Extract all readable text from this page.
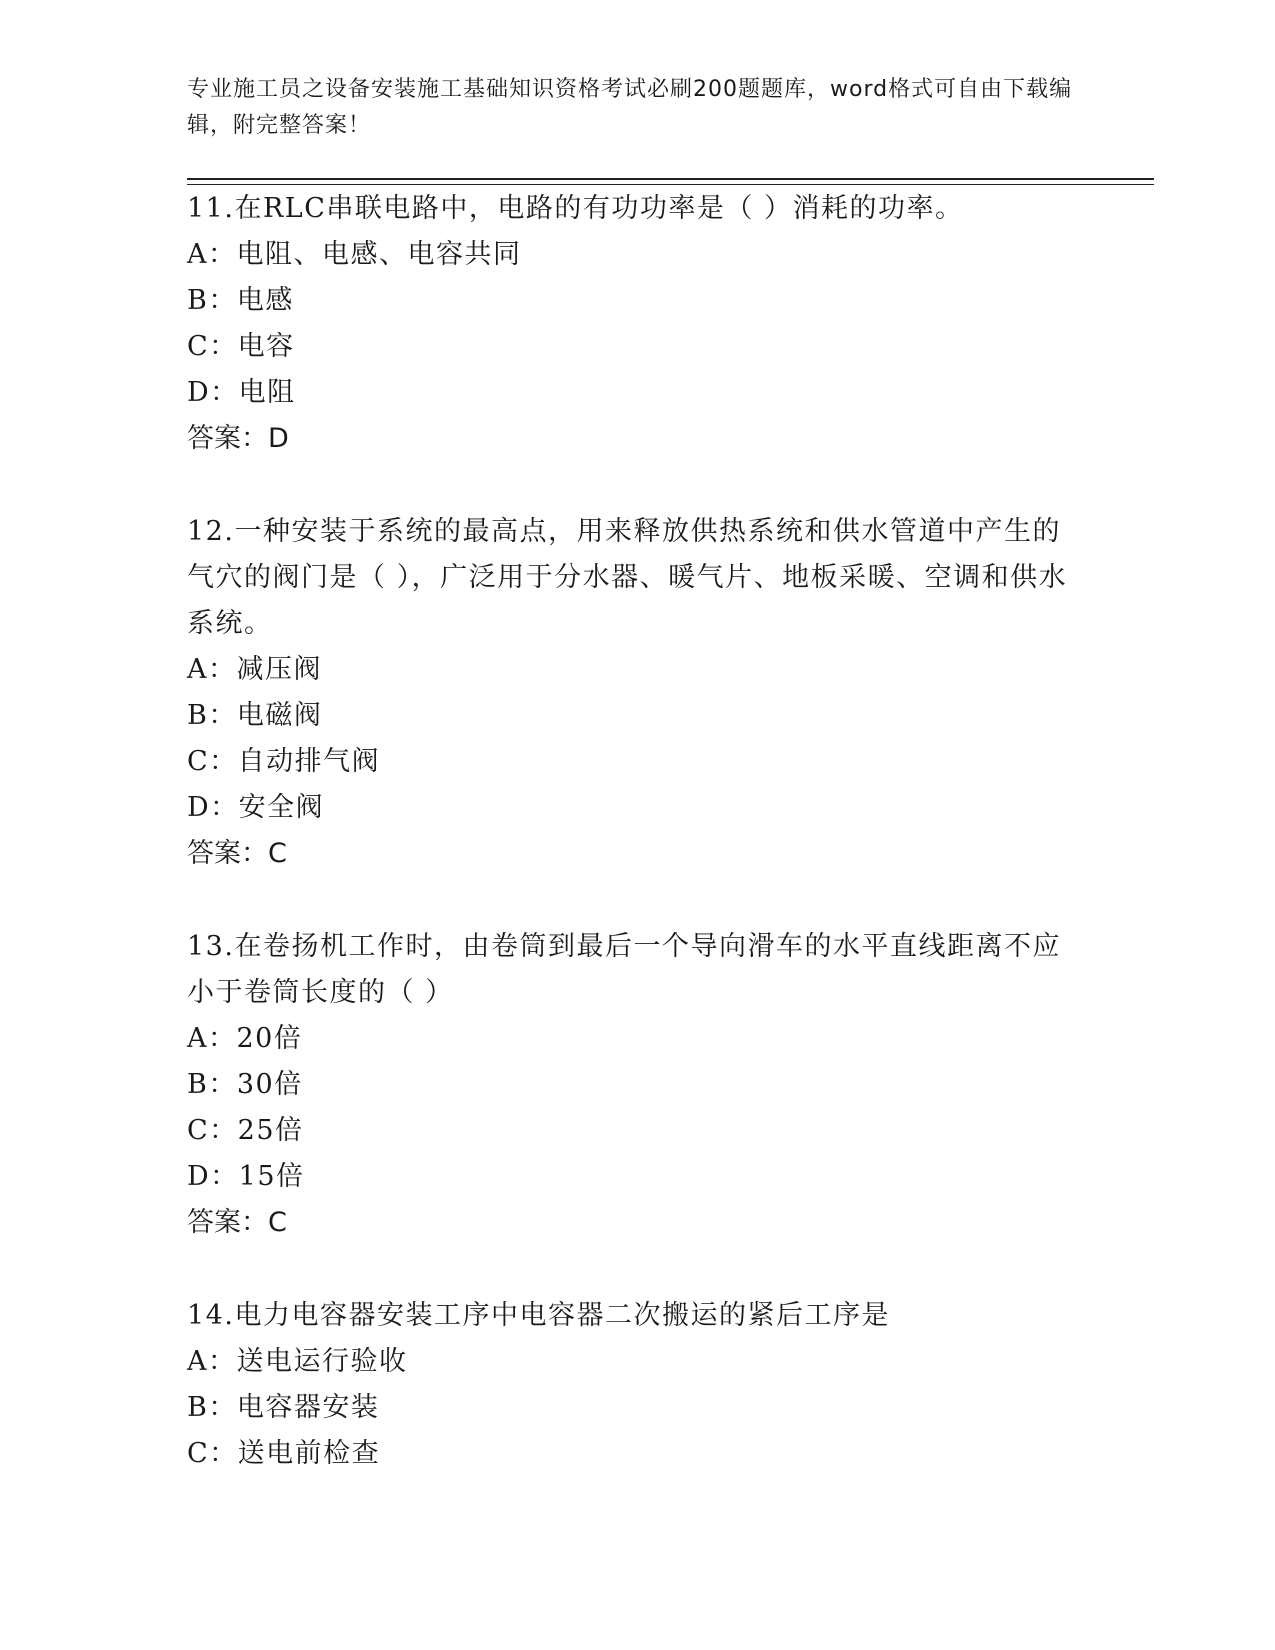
专业施工员之设备安装施工基础知识资格考试必刷200题题库，word格式可自由下载编辑，附完整答案！

11.在RLC串联电路中，电路的有功功率是（ ）消耗的功率。

A：电阻、电感、电容共同

B：电感

C：电容

D：电阻

答案：D

12.一种安装于系统的最高点，用来释放供热系统和供水管道中产生的气穴的阀门是（ ），广泛用于分水器、暖气片、地板采暖、空调和供水系统。

A：减压阀

B：电磁阀

C：自动排气阀

D：安全阀

答案：C

13.在卷扬机工作时，由卷筒到最后一个导向滑车的水平直线距离不应小于卷筒长度的（ ）

A：20倍

B：30倍

C：25倍

D：15倍

答案：C

14.电力电容器安装工序中电容器二次搬运的紧后工序是

A：送电运行验收

B：电容器安装

C：送电前检查
